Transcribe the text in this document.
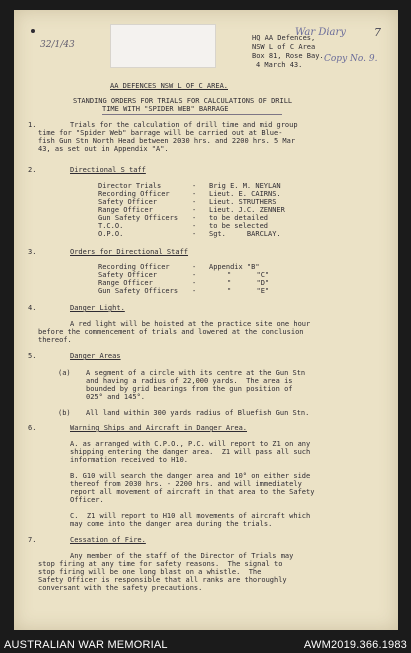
32/1/43
War Diary	7
Copy No. 9.
HQ AA Defences,
NSW L of C Area
Box 81, Rose Bay.
4 March 43.
AA DEFENCES NSW L OF C AREA.
STANDING ORDERS FOR TRIALS FOR CALCULATIONS OF DRILL
TIME WITH "SPIDER WEB" BARRAGE
1.	Trials for the calculation of drill time and mid group
time for "Spider Web" barrage will be carried out at Blue-
fish Gun Stn North Head between 2030 hrs. and 2200 hrs. 5 Mar
43, as set out in Appendix "A".
2.	Directional S taff
Director Trials	- Brig E. M. NEYLAN
Recording Officer	- Lieut. E. CAIRNS.
Safety Officer	- Lieut. STRUTHERS
Range Officer	- Lieut. J.C. ZENNER
Gun Safety Officers - to be detailed
T.C.O.	- to be selected
O.P.O.	- Sgt.     BARCLAY.
3.	Orders for Directional Staff
Recording Officer	- Appendix "B"
Safety Officer	-	"      "C"
Range Officer	-	"      "D"
Gun Safety Officers -	"      "E"
4.	Danger Light.
A red light will be hoisted at the practice site one hour
before the commencement of trials and lowered at the conclusion
thereof.
5.	Danger Areas
(a) A segment of a circle with its centre at the Gun Stn
and having a radius of 22,000 yards.  The area is
bounded by grid bearings from the gun position of
025° and 145°.
(b) All land within 300 yards radius of Bluefish Gun Stn.
6.	Warning Ships and Aircraft in Danger Area.
A. as arranged with C.P.O., P.C. will report to Z1 on any
shipping entering the danger area.  Z1 will pass all such
information received to H10.
B. G10 will search the danger area and 10° on either side
thereof from 2030 hrs. - 2200 hrs. and will immediately
report all movement of aircraft in that area to the Safety
Officer.
C.  Z1 will report to H10 all movements of aircraft which
may come into the danger area during the trials.
7.	Cessation of Fire.
Any member of the staff of the Director of Trials may
stop firing at any time for safety reasons.  The signal to
stop firing will be one long blast on a whistle.  The
Safety Officer is responsible that all ranks are thoroughly
conversant with the safety precautions.
AUSTRALIAN WAR MEMORIAL	AWM2019.366.1983
